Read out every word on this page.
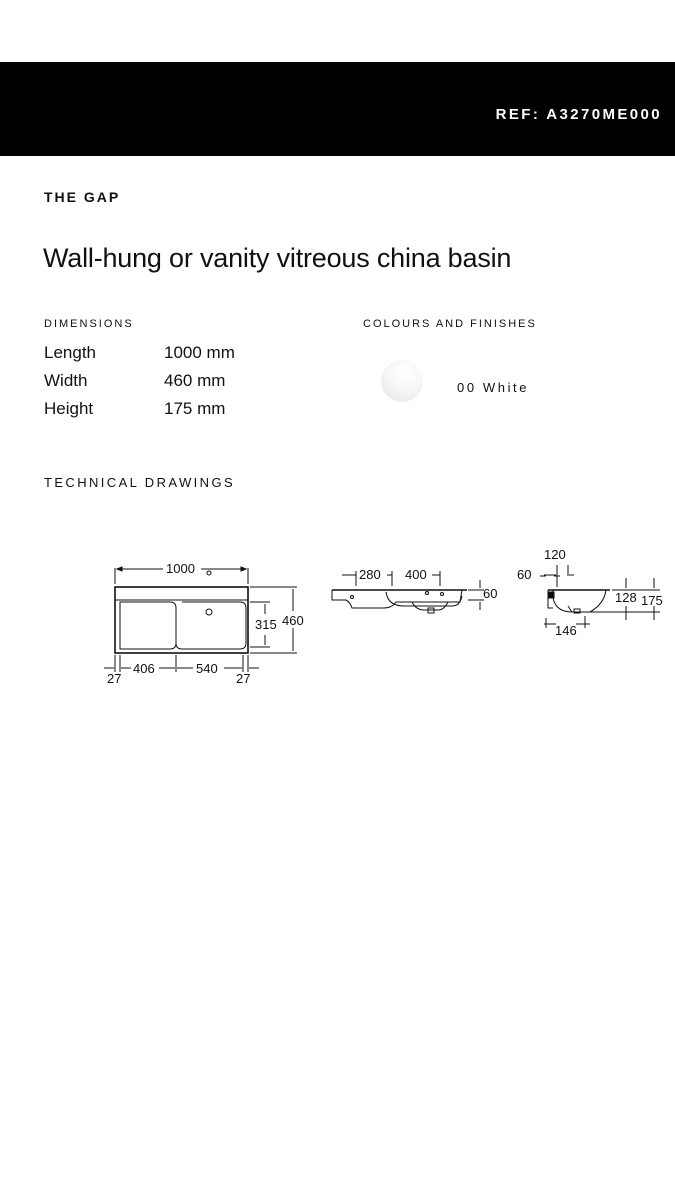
REF: A3270ME000
THE GAP
Wall-hung or vanity vitreous china basin
DIMENSIONS
Length	1000 mm
Width	460 mm
Height	175 mm
COLOURS AND FINISHES
00 White
TECHNICAL DRAWINGS
1000
315 460
406	540
27	27
280 400
60
120
60
128 175
146
